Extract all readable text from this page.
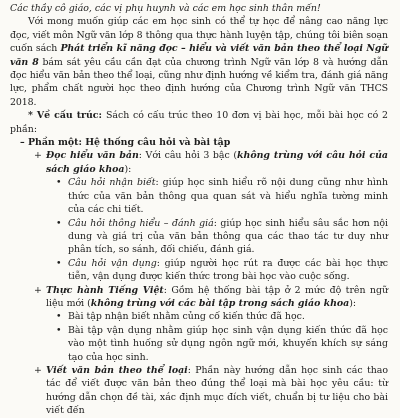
Các thầy cô giáo, các vị phụ huynh và các em học sinh thân mến!

Với mong muốn giúp các em học sinh có thể tự học để nâng cao năng lực đọc, viết môn Ngữ văn lớp 8 thông qua thực hành luyện tập, chúng tôi biên soạn cuốn sách Phát triển kĩ năng đọc – hiểu và viết văn bản theo thể loại Ngữ văn 8 bám sát yêu cầu cần đạt của chương trình Ngữ văn lớp 8 và hướng dẫn đọc hiểu văn bản theo thể loại, cũng như định hướng về kiểm tra, đánh giá năng lực, phẩm chất người học theo định hướng của Chương trình Ngữ văn THCS 2018.

* Về cấu trúc: Sách có cấu trúc theo 10 đơn vị bài học, mỗi bài học có 2 phần:

– Phần một: Hệ thống câu hỏi và bài tập

+ Đọc hiểu văn bản: Với câu hỏi 3 bậc (không trùng với câu hỏi của sách giáo khoa):

• Câu hỏi nhận biết: giúp học sinh hiểu rõ nội dung cũng như hình thức của văn bản thông qua quan sát và hiểu nghĩa tường minh của các chi tiết.

• Câu hỏi thông hiểu – đánh giá: giúp học sinh hiểu sâu sắc hơn nội dung và giá trị của văn bản thông qua các thao tác tư duy như phân tích, so sánh, đối chiếu, đánh giá.

• Câu hỏi vận dụng: giúp người học rút ra được các bài học thực tiễn, vận dụng được kiến thức trong bài học vào cuộc sống.

+ Thực hành Tiếng Việt: Gồm hệ thống bài tập ở 2 mức độ trên ngữ liệu mới (không trùng với các bài tập trong sách giáo khoa):

• Bài tập nhận biết nhằm củng cố kiến thức đã học.

• Bài tập vận dụng nhằm giúp học sinh vận dụng kiến thức đã học vào một tình huống sử dụng ngôn ngữ mới, khuyến khích sự sáng tạo của học sinh.

+ Viết văn bản theo thể loại: Phần này hướng dẫn học sinh các thao tác để viết được văn bản theo đúng thể loại mà bài học yêu cầu: từ hướng dẫn chọn đề tài, xác định mục đích viết, chuẩn bị tư liệu cho bài viết đến
